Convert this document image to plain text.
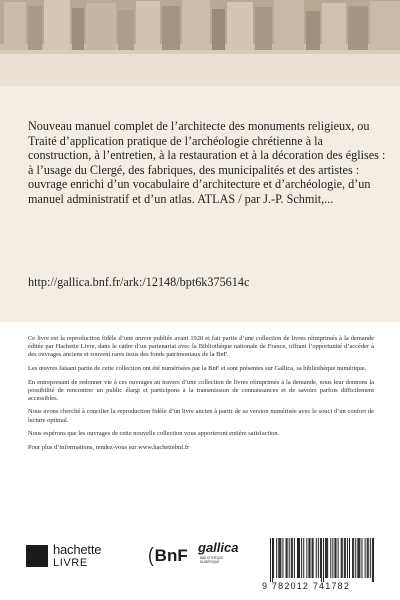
Nouveau manuel complet de l’architecte des monuments religieux, ou Traité d’application pratique de l’archéologie chrétienne à la construction, à l’entretien, à la restauration et à la décoration des églises : à l’usage du Clergé, des fabriques, des municipalités et des artistes : ouvrage enrichi d’un vocabulaire d’architecture et d’archéologie, d’un manuel administratif et d’un atlas. ATLAS / par J.-P. Schmit,...
http://gallica.bnf.fr/ark:/12148/bpt6k375614c

Ce livre est la reproduction fidèle d’une œuvre publiée avant 1920 et fait partie d’une collection de livres réimprimés à la demande éditée par Hachette Livre, dans le cadre d’un partenariat avec la Bibliothèque nationale de France, offrant l’opportunité d’accéder à des ouvrages anciens et souvent rares issus des fonds patrimoniaux de la BnF.

Les œuvres faisant partie de cette collection ont été numérisées par la BnF et sont présentes sur Gallica, sa bibliothèque numérique.

En entreprenant de redonner vie à ces ouvrages au travers d’une collection de livres réimprimés à la demande, nous leur donnons la possibilité de rencontrer un public élargi et participons à la transmission de connaissances et de savoirs parfois difficilement accessibles.

Nous avons cherché à concilier la reproduction fidèle d’un livre ancien à partir de sa version numérisée avec le souci d’un confort de lecture optimal.

Nous espérons que les ouvrages de cette nouvelle collection vous apporteront entière satisfaction.

Pour plus d’informations, rendez-vous sur www.hachettebnf.fr

hachette
LIVRE	(BnF gallica
BIBLIOTHÈQUE NUMÉRIQUE
9 782012 741782
